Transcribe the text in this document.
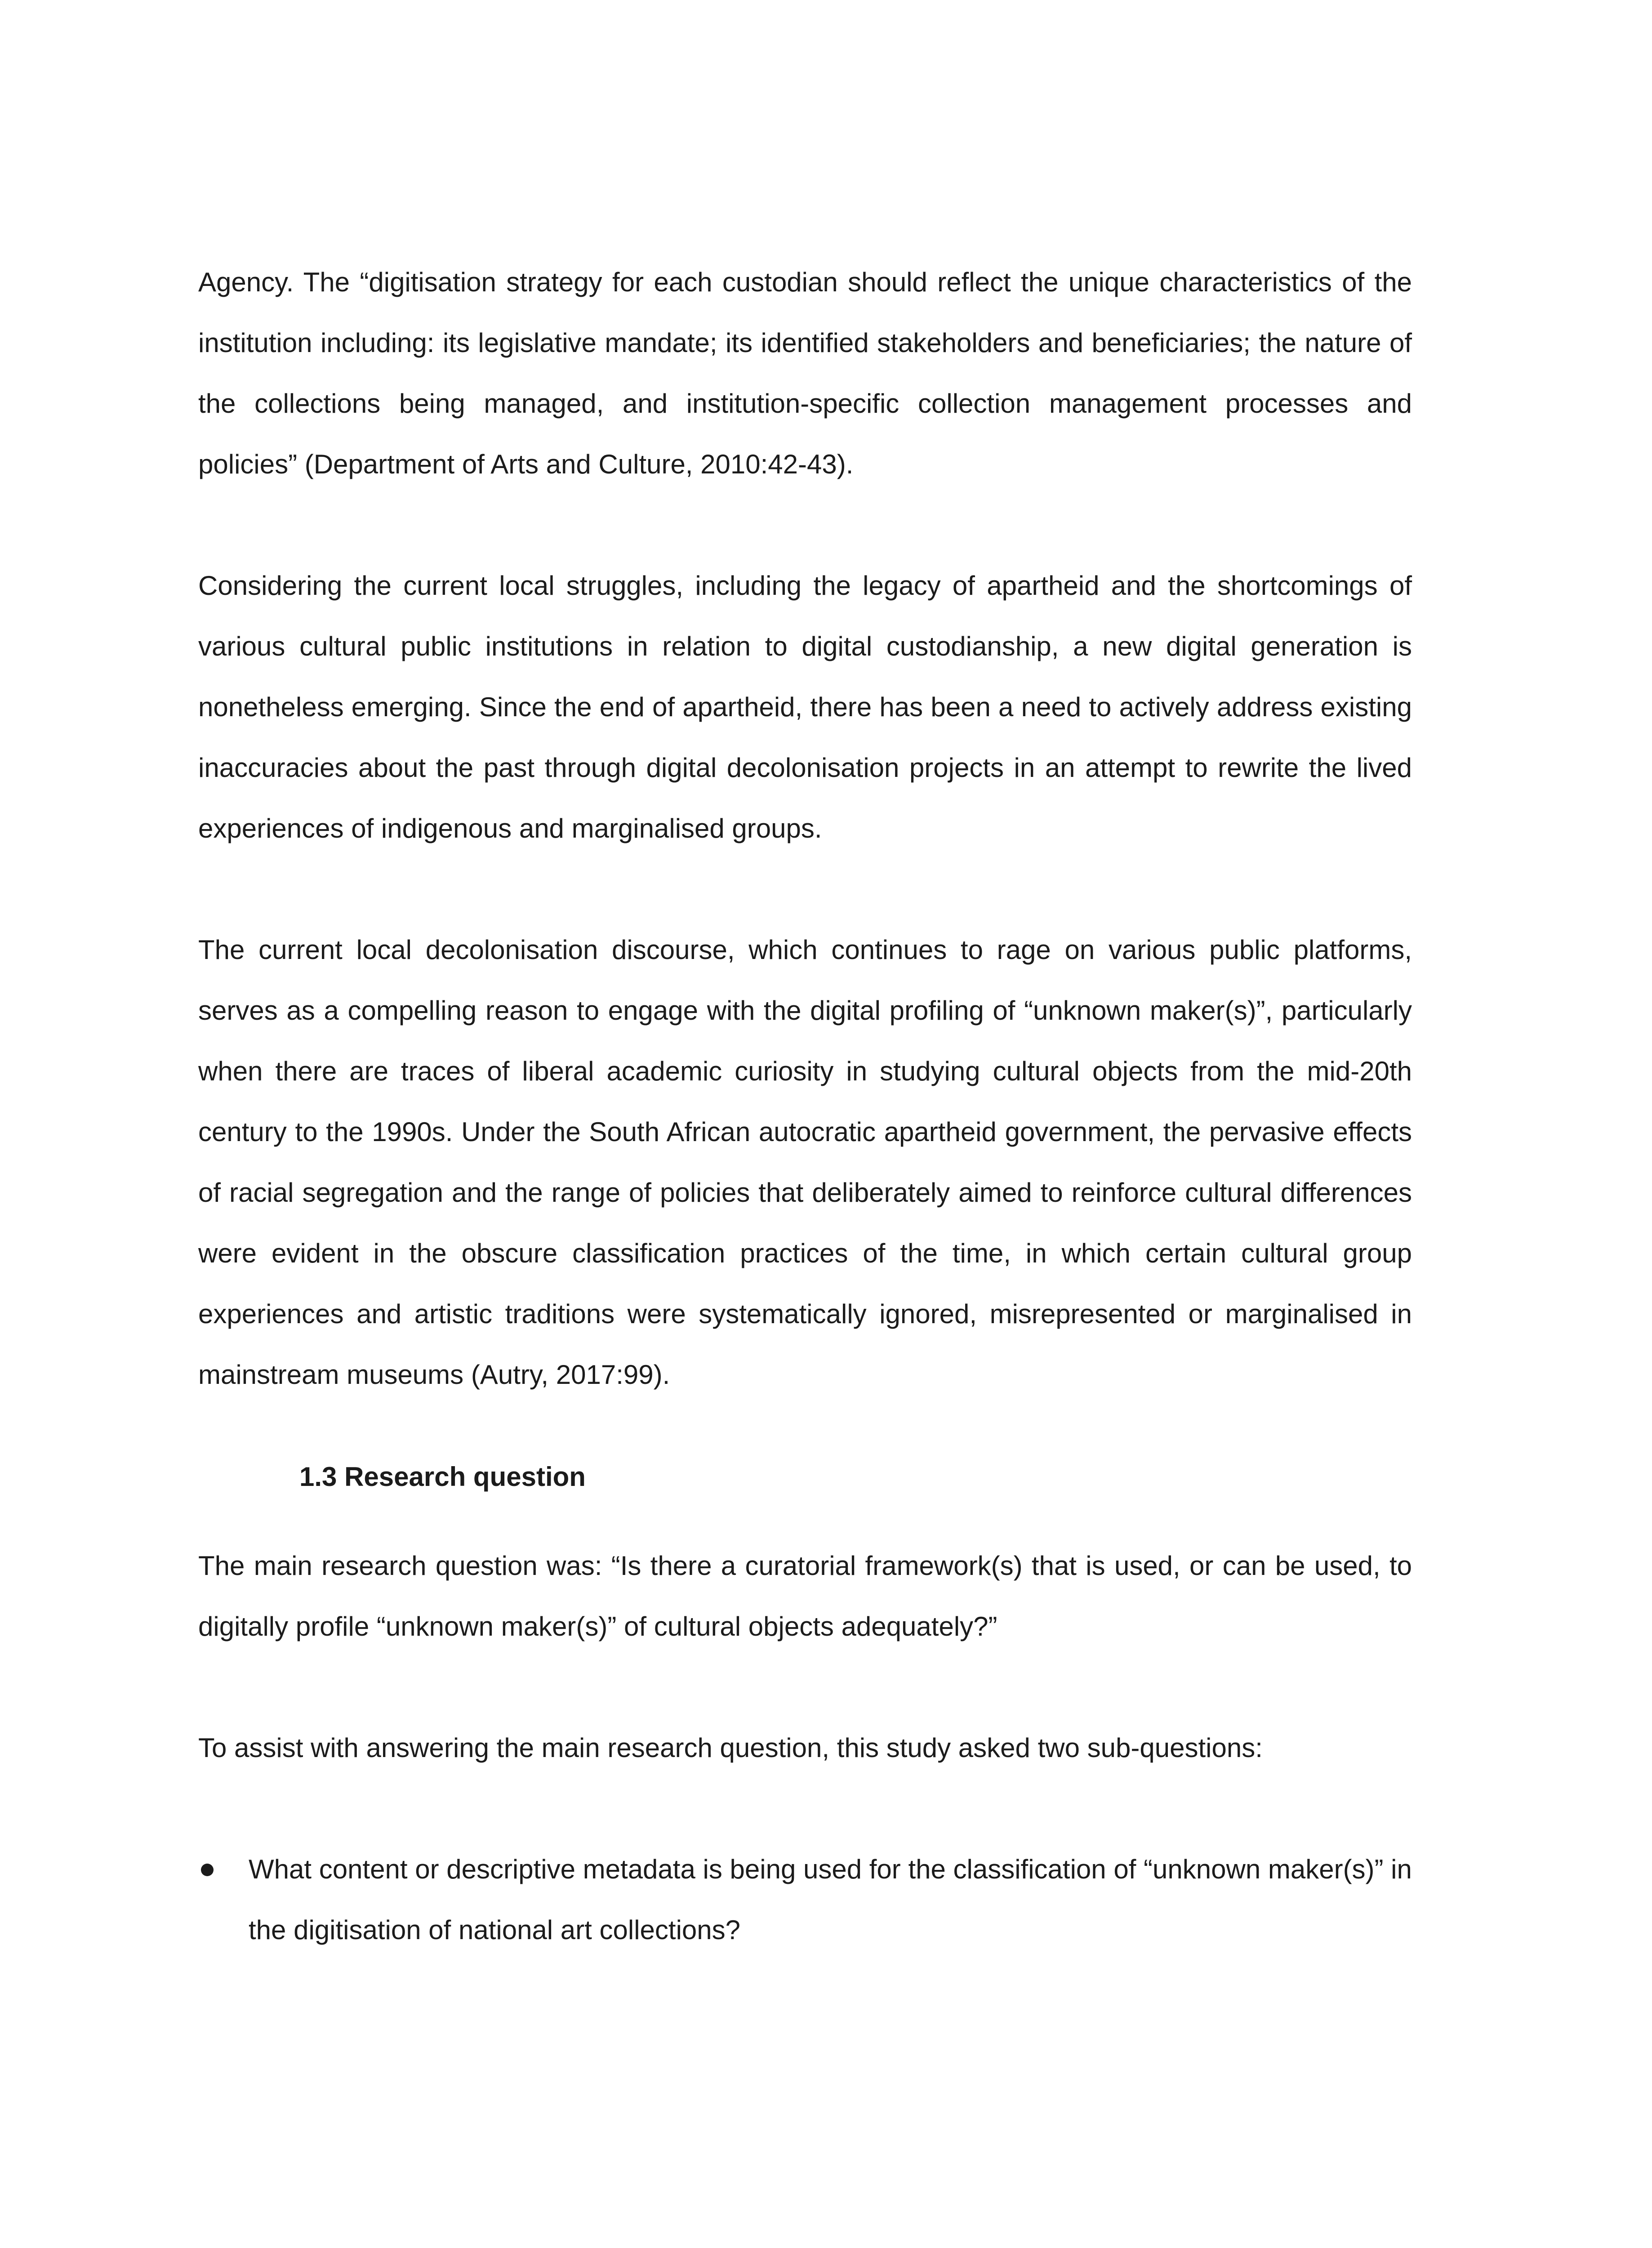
Agency. The “digitisation strategy for each custodian should reflect the unique characteristics of the institution including: its legislative mandate; its identified stakeholders and beneficiaries; the nature of the collections being managed, and institution-specific collection management processes and policies” (Department of Arts and Culture, 2010:42-43).

Considering the current local struggles, including the legacy of apartheid and the shortcomings of various cultural public institutions in relation to digital custodianship, a new digital generation is nonetheless emerging. Since the end of apartheid, there has been a need to actively address existing inaccuracies about the past through digital decolonisation projects in an attempt to rewrite the lived experiences of indigenous and marginalised groups.

The current local decolonisation discourse, which continues to rage on various public platforms, serves as a compelling reason to engage with the digital profiling of “unknown maker(s)”, particularly when there are traces of liberal academic curiosity in studying cultural objects from the mid-20th century to the 1990s. Under the South African autocratic apartheid government, the pervasive effects of racial segregation and the range of policies that deliberately aimed to reinforce cultural differences were evident in the obscure classification practices of the time, in which certain cultural group experiences and artistic traditions were systematically ignored, misrepresented or marginalised in mainstream museums (Autry, 2017:99).

1.3 Research question

The main research question was: “Is there a curatorial framework(s) that is used, or can be used, to digitally profile “unknown maker(s)” of cultural objects adequately?”

To assist with answering the main research question, this study asked two sub-questions:

What content or descriptive metadata is being used for the classification of “unknown maker(s)” in the digitisation of national art collections?
